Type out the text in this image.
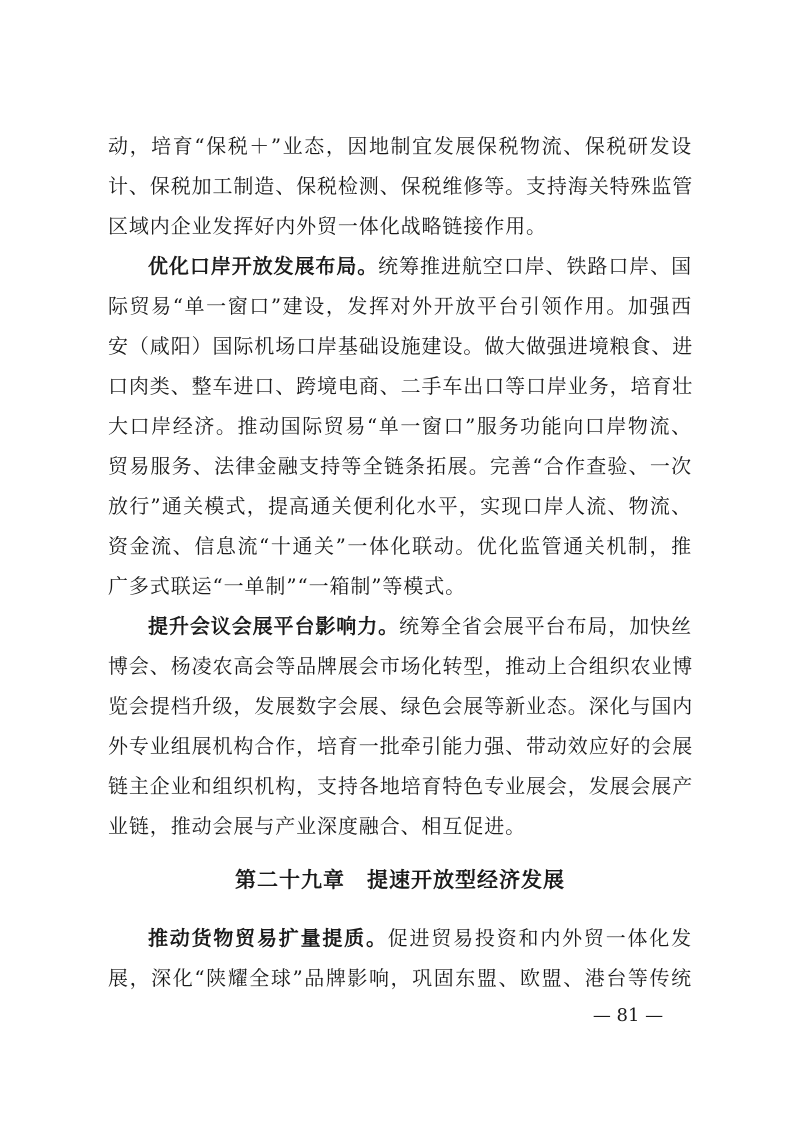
动，培育“保税＋”业态，因地制宜发展保税物流、保税研发设
计、保税加工制造、保税检测、保税维修等。支持海关特殊监管
区域内企业发挥好内外贸一体化战略链接作用。
优化口岸开放发展布局。统筹推进航空口岸、铁路口岸、国
际贸易“单一窗口”建设，发挥对外开放平台引领作用。加强西
安（咸阳）国际机场口岸基础设施建设。做大做强进境粮食、进
口肉类、整车进口、跨境电商、二手车出口等口岸业务，培育壮
大口岸经济。推动国际贸易“单一窗口”服务功能向口岸物流、
贸易服务、法律金融支持等全链条拓展。完善“合作查验、一次
放行”通关模式，提高通关便利化水平，实现口岸人流、物流、
资金流、信息流“十通关”一体化联动。优化监管通关机制，推
广多式联运“一单制”“一箱制”等模式。
提升会议会展平台影响力。统筹全省会展平台布局，加快丝
博会、杨凌农高会等品牌展会市场化转型，推动上合组织农业博
览会提档升级，发展数字会展、绿色会展等新业态。深化与国内
外专业组展机构合作，培育一批牵引能力强、带动效应好的会展
链主企业和组织机构，支持各地培育特色专业展会，发展会展产
业链，推动会展与产业深度融合、相互促进。
第二十九章　提速开放型经济发展
推动货物贸易扩量提质。促进贸易投资和内外贸一体化发
展，深化“陕耀全球”品牌影响，巩固东盟、欧盟、港台等传统
— 81 —
